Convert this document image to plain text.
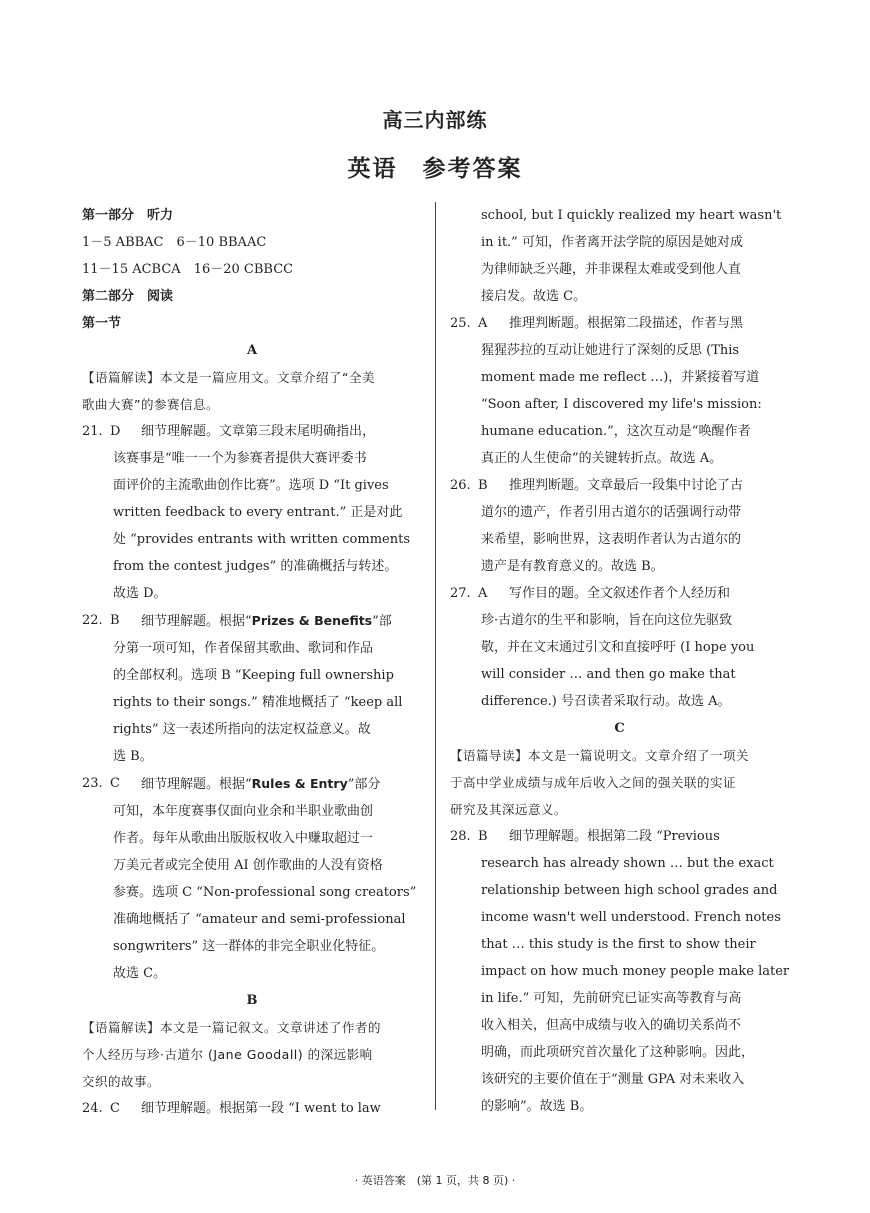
高三内部练
英语　参考答案
第一部分　听力
1－5 ABBAC　6－10 BBAAC
11－15 ACBCA　16－20 CBBCC
第二部分　阅读
第一节
A
【语篇解读】本文是一篇应用文。文章介绍了“全美
歌曲大赛”的参赛信息。
21. D	细节理解题。文章第三段末尾明确指出，
该赛事是“唯一一个为参赛者提供大赛评委书
面评价的主流歌曲创作比赛”。选项 D “It gives
written feedback to every entrant.” 正是对此
处 “provides entrants with written comments
from the contest judges” 的准确概括与转述。
故选 D。
22. B	细节理解题。根据“Prizes & Benefits”部
分第一项可知，作者保留其歌曲、歌词和作品
的全部权利。选项 B “Keeping full ownership
rights to their songs.” 精准地概括了 “keep all
rights” 这一表述所指向的法定权益意义。故
选 B。
23. C	细节理解题。根据“Rules & Entry”部分
可知，本年度赛事仅面向业余和半职业歌曲创
作者。每年从歌曲出版版权收入中赚取超过一
万美元者或完全使用 AI 创作歌曲的人没有资格
参赛。选项 C “Non-professional song creators”
准确地概括了 “amateur and semi-professional
songwriters” 这一群体的非完全职业化特征。
故选 C。
B
【语篇解读】本文是一篇记叙文。文章讲述了作者的
个人经历与珍·古道尔 (Jane Goodall) 的深远影响
交织的故事。
24. C	细节理解题。根据第一段 “I went to law
school, but I quickly realized my heart wasn't
in it.” 可知，作者离开法学院的原因是她对成
为律师缺乏兴趣，并非课程太难或受到他人直
接启发。故选 C。
25. A	推理判断题。根据第二段描述，作者与黑
猩猩莎拉的互动让她进行了深刻的反思 (This
moment made me reflect …)，并紧接着写道
“Soon after, I discovered my life's mission:
humane education.”，这次互动是“唤醒作者
真正的人生使命”的关键转折点。故选 A。
26. B	推理判断题。文章最后一段集中讨论了古
道尔的遗产，作者引用古道尔的话强调行动带
来希望，影响世界，这表明作者认为古道尔的
遗产是有教育意义的。故选 B。
27. A	写作目的题。全文叙述作者个人经历和
珍·古道尔的生平和影响，旨在向这位先驱致
敬，并在文末通过引文和直接呼吁 (I hope you
will consider … and then go make that
difference.) 号召读者采取行动。故选 A。
C
【语篇导读】本文是一篇说明文。文章介绍了一项关
于高中学业成绩与成年后收入之间的强关联的实证
研究及其深远意义。
28. B	细节理解题。根据第二段 “Previous
research has already shown … but the exact
relationship between high school grades and
income wasn't well understood. French notes
that … this study is the first to show their
impact on how much money people make later
in life.” 可知，先前研究已证实高等教育与高
收入相关，但高中成绩与收入的确切关系尚不
明确，而此项研究首次量化了这种影响。因此，
该研究的主要价值在于“测量 GPA 对未来收入
的影响”。故选 B。
· 英语答案　(第 1 页，共 8 页) ·
